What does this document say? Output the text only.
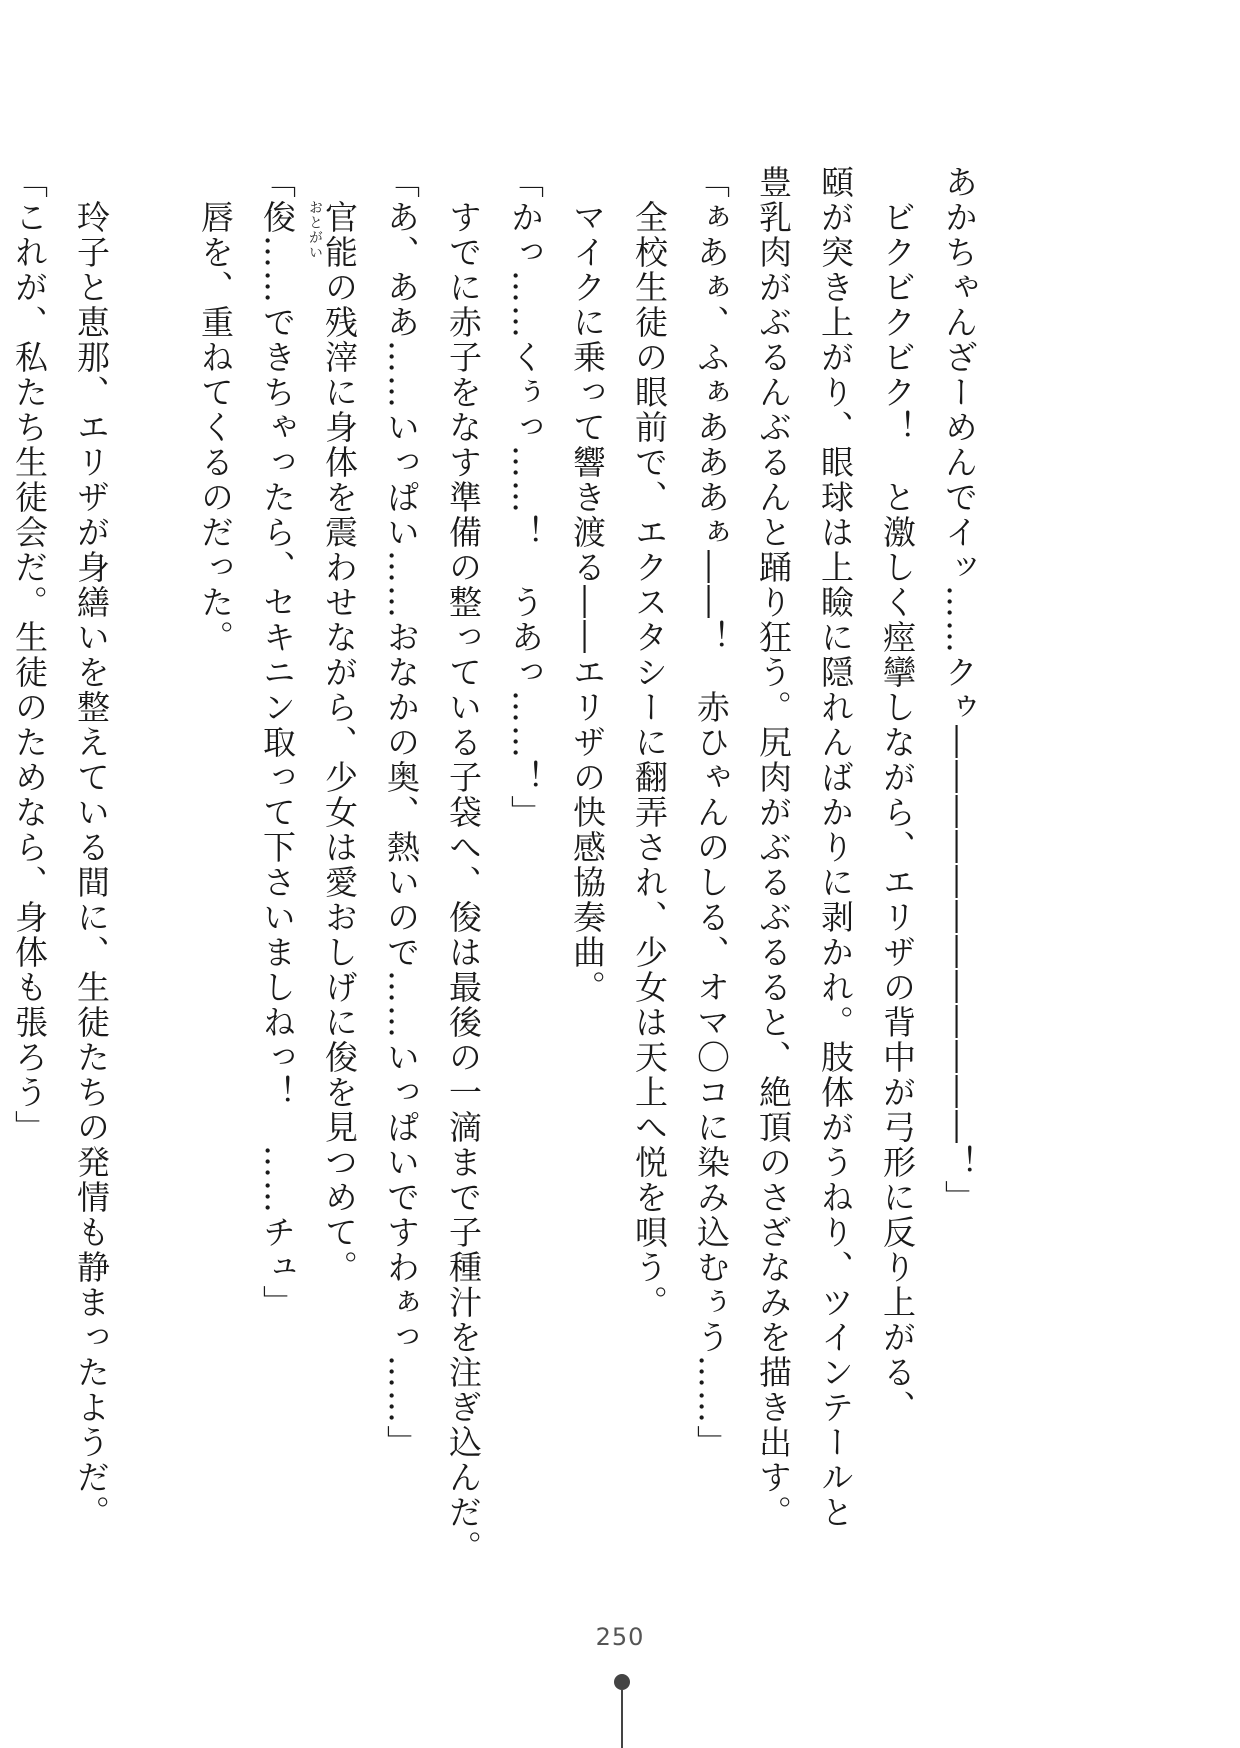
あかちゃんざーめんでイッ……クゥ――――――――――――！」
　ビクビクビク！　と激しく痙攣しながら、エリザの背中が弓形に反り上がる、
頤が突き上がり、眼球は上瞼に隠れんばかりに剥かれ。肢体がうねり、ツインテールと
豊乳肉がぶるんぶるんと踊り狂う。尻肉がぶるぶるると、絶頂のさざなみを描き出す。
「ぁあぁ、ふぁあああぁ――！　赤ひゃんのしる、オマ〇コに染み込むぅう……」
　全校生徒の眼前で、エクスタシーに翻弄され、少女は天上へ悦を唄う。
　マイクに乗って響き渡る――エリザの快感協奏曲。
「かっ……くぅっ……！　うあっ……！」
　すでに赤子をなす準備の整っている子袋へ、俊は最後の一滴まで子種汁を注ぎ込んだ。
「あ、ああ……いっぱい……おなかの奥、熱いので……いっぱいですわぁっ……」
　官能の残滓に身体を震わせながら、少女は愛おしげに俊を見つめて。
「俊……できちゃったら、セキニン取って下さいましねっ！　……チュ」
　唇を、重ねてくるのだった。
　玲子と恵那、エリザが身繕いを整えている間に、生徒たちの発情も静まったようだ。
「これが、私たち生徒会だ。生徒のためなら、身体も張ろう」	おとがい
250
